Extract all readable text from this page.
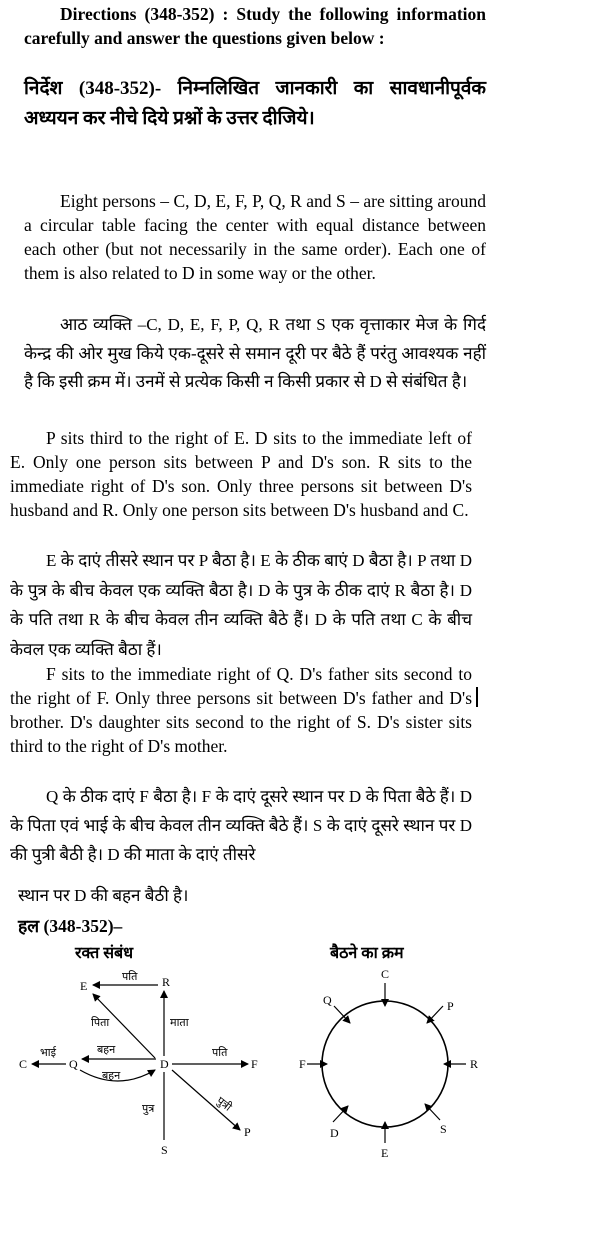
Directions (348-352) : Study the following information carefully and answer the questions given below :
निर्देश (348-352)- निम्नलिखित जानकारी का सावधानीपूर्वक अध्ययन कर नीचे दिये प्रश्नों के उत्तर दीजिये।
Eight persons – C, D, E, F, P, Q, R and S – are sitting around a circular table facing the center with equal distance between each other (but not necessarily in the same order). Each one of them is also related to D in some way or the other.
आठ व्यक्ति –C, D, E, F, P, Q, R तथा S एक वृत्ताकार मेज के गिर्द केन्द्र की ओर मुख किये एक-दूसरे से समान दूरी पर बैठे हैं परंतु आवश्यक नहीं है कि इसी क्रम में। उनमें से प्रत्येक किसी न किसी प्रकार से D से संबंधित है।
P sits third to the right of E. D sits to the immediate left of E. Only one person sits between P and D's son. R sits to the immediate right of D's son. Only three persons sit between D's husband and R. Only one person sits between D's husband and C.
E के दाएं तीसरे स्थान पर P बैठा है। E के ठीक बाएं D बैठा है। P तथा D के पुत्र के बीच केवल एक व्यक्ति बैठा है। D के पुत्र के ठीक दाएं R बैठा है। D के पति तथा R के बीच केवल तीन व्यक्ति बैठे हैं। D के पति तथा C के बीच केवल एक व्यक्ति बैठा हैं।
F sits to the immediate right of Q. D's father sits second to the right of F. Only three persons sit between D's father and D's brother. D's daughter sits second to the right of S. D's sister sits third to the right of D's mother.
Q के ठीक दाएं F बैठा है। F के दाएं दूसरे स्थान पर D के पिता बैठे हैं। D के पिता एवं भाई के बीच केवल तीन व्यक्ति बैठे हैं। S के दाएं दूसरे स्थान पर D की पुत्री बैठी है। D की माता के दाएं तीसरे
स्थान पर D की बहन बैठी है।
हल (348-352)–
रक्त संबंध
E	R
D	F
C	Q
S
P
पति
पिता	माता
भाई	बहन
बहन
पति
पुत्र	पुत्री
बैठने का क्रम
C
P
R
S
E
D
F
Q
